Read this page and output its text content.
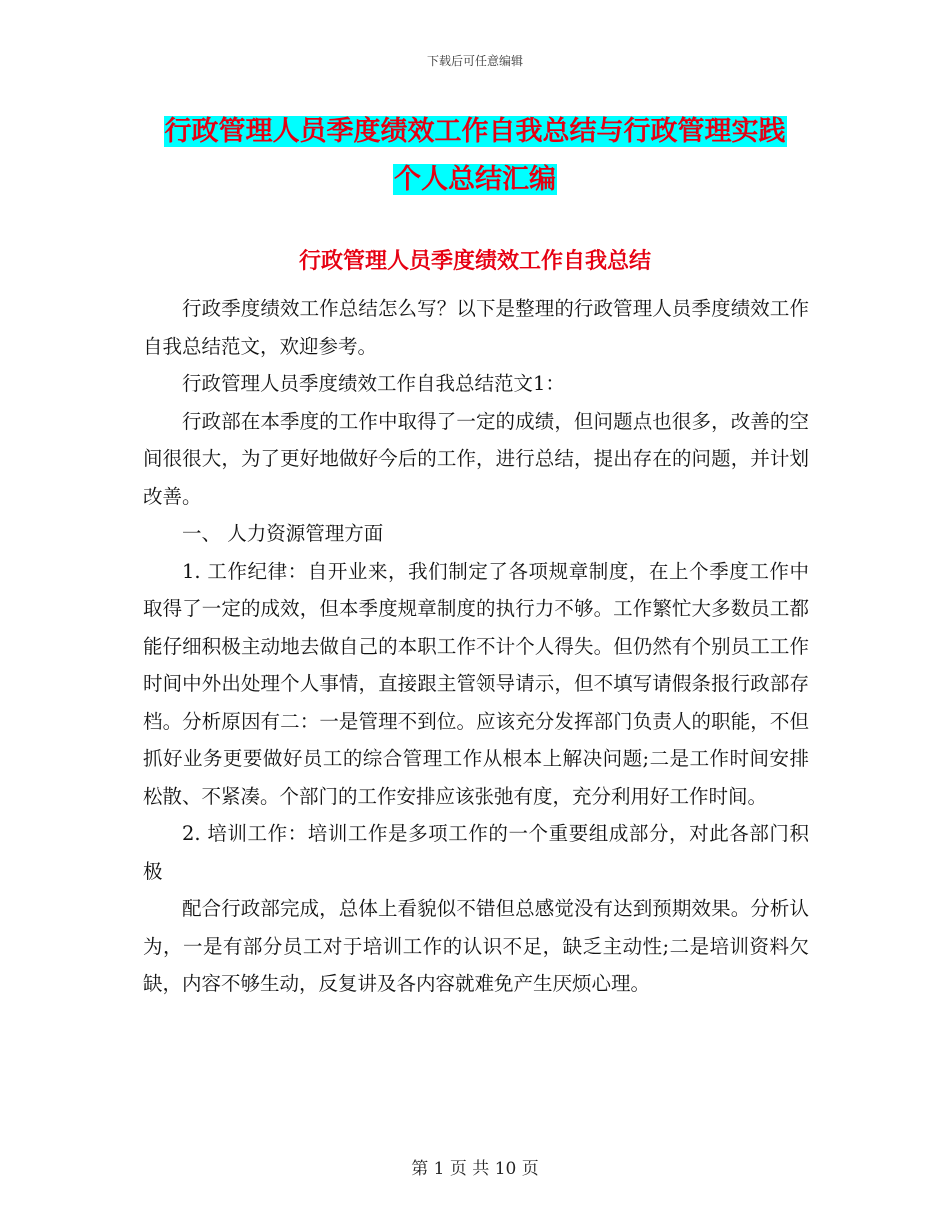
下载后可任意编辑
行政管理人员季度绩效工作自我总结与行政管理实践
个人总结汇编
行政管理人员季度绩效工作自我总结

行政季度绩效工作总结怎么写？以下是整理的行政管理人员季度绩效工作自我总结范文，欢迎参考。

行政管理人员季度绩效工作自我总结范文1：

行政部在本季度的工作中取得了一定的成绩，但问题点也很多，改善的空间很很大，为了更好地做好今后的工作，进行总结，提出存在的问题，并计划改善。

一、 人力资源管理方面

1. 工作纪律：自开业来，我们制定了各项规章制度，在上个季度工作中取得了一定的成效，但本季度规章制度的执行力不够。工作繁忙大多数员工都能仔细积极主动地去做自己的本职工作不计个人得失。但仍然有个别员工工作时间中外出处理个人事情，直接跟主管领导请示，但不填写请假条报行政部存档。分析原因有二：一是管理不到位。应该充分发挥部门负责人的职能，不但抓好业务更要做好员工的综合管理工作从根本上解决问题;二是工作时间安排松散、不紧凑。个部门的工作安排应该张弛有度，充分利用好工作时间。

2. 培训工作：培训工作是多项工作的一个重要组成部分，对此各部门积极

配合行政部完成，总体上看貌似不错但总感觉没有达到预期效果。分析认为，一是有部分员工对于培训工作的认识不足，缺乏主动性;二是培训资料欠缺，内容不够生动，反复讲及各内容就难免产生厌烦心理。

第 1 页 共 10 页
